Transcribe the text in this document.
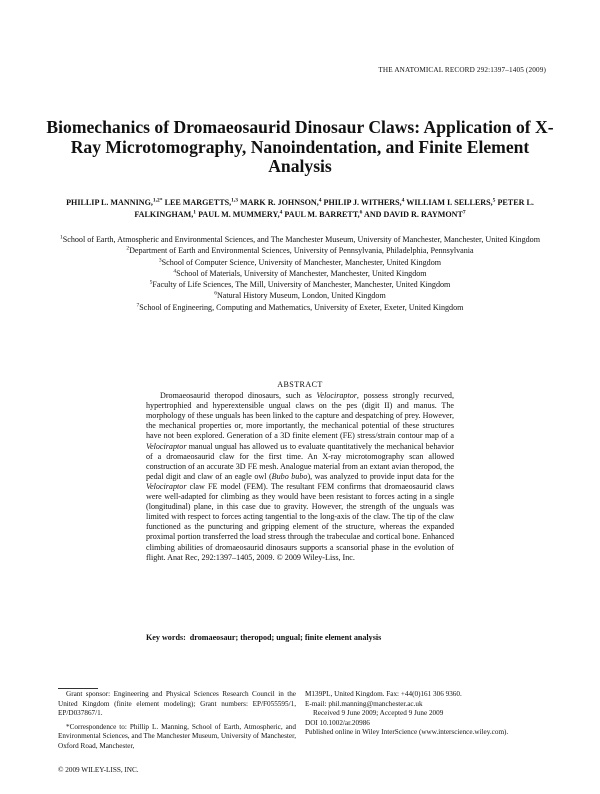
THE ANATOMICAL RECORD 292:1397–1405 (2009)
Biomechanics of Dromaeosaurid Dinosaur Claws: Application of X-Ray Microtomography, Nanoindentation, and Finite Element Analysis
PHILLIP L. MANNING,$^{1,2*}$ LEE MARGETTS,$^{1,3}$ MARK R. JOHNSON,$^4$ PHILIP J. WITHERS,$^4$ WILLIAM I. SELLERS,$^5$ PETER L. FALKINGHAM,$^1$ PAUL M. MUMMERY,$^4$ PAUL M. BARRETT,$^6$ AND DAVID R. RAYMONT$^7$
$^1$School of Earth, Atmospheric and Environmental Sciences, and The Manchester Museum, University of Manchester, Manchester, United Kingdom
$^2$Department of Earth and Environmental Sciences, University of Pennsylvania, Philadelphia, Pennsylvania
$^3$School of Computer Science, University of Manchester, Manchester, United Kingdom
$^4$School of Materials, University of Manchester, Manchester, United Kingdom
$^5$Faculty of Life Sciences, The Mill, University of Manchester, Manchester, United Kingdom
$^6$Natural History Museum, London, United Kingdom
$^7$School of Engineering, Computing and Mathematics, University of Exeter, Exeter, United Kingdom
ABSTRACT
Dromaeosaurid theropod dinosaurs, such as Velociraptor, possess strongly recurved, hypertrophied and hyperextensible ungual claws on the pes (digit II) and manus. The morphology of these unguals has been linked to the capture and despatching of prey. However, the mechanical properties or, more importantly, the mechanical potential of these structures have not been explored. Generation of a 3D finite element (FE) stress/strain contour map of a Velociraptor manual ungual has allowed us to evaluate quantitatively the mechanical behavior of a dromaeosaurid claw for the first time. An X-ray microtomography scan allowed construction of an accurate 3D FE mesh. Analogue material from an extant avian theropod, the pedal digit and claw of an eagle owl (Bubo bubo), was analyzed to provide input data for the Velociraptor claw FE model (FEM). The resultant FEM confirms that dromaeosaurid claws were well-adapted for climbing as they would have been resistant to forces acting in a single (longitudinal) plane, in this case due to gravity. However, the strength of the unguals was limited with respect to forces acting tangential to the long-axis of the claw. The tip of the claw functioned as the puncturing and gripping element of the structure, whereas the expanded proximal portion transferred the load stress through the trabeculae and cortical bone. Enhanced climbing abilities of dromaeosaurid dinosaurs supports a scansorial phase in the evolution of flight. Anat Rec, 292:1397–1405, 2009. © 2009 Wiley-Liss, Inc.
Key words: dromaeosaur; theropod; ungual; finite element analysis

Grant sponsor: Engineering and Physical Sciences Research Council in the United Kingdom (finite element modeling); Grant numbers: EP/F055595/1, EP/D037867/1.

*Correspondence to: Phillip L. Manning, School of Earth, Atmospheric, and Environmental Sciences, and The Manchester Museum, University of Manchester, Oxford Road, Manchester,

M139PL, United Kingdom. Fax: +44(0)161 306 9360.

E-mail: phil.manning@manchester.ac.uk

Received 9 June 2009; Accepted 9 June 2009

DOI 10.1002/ar.20986

Published online in Wiley InterScience (www.interscience.wiley.com).

© 2009 WILEY-LISS, INC.
